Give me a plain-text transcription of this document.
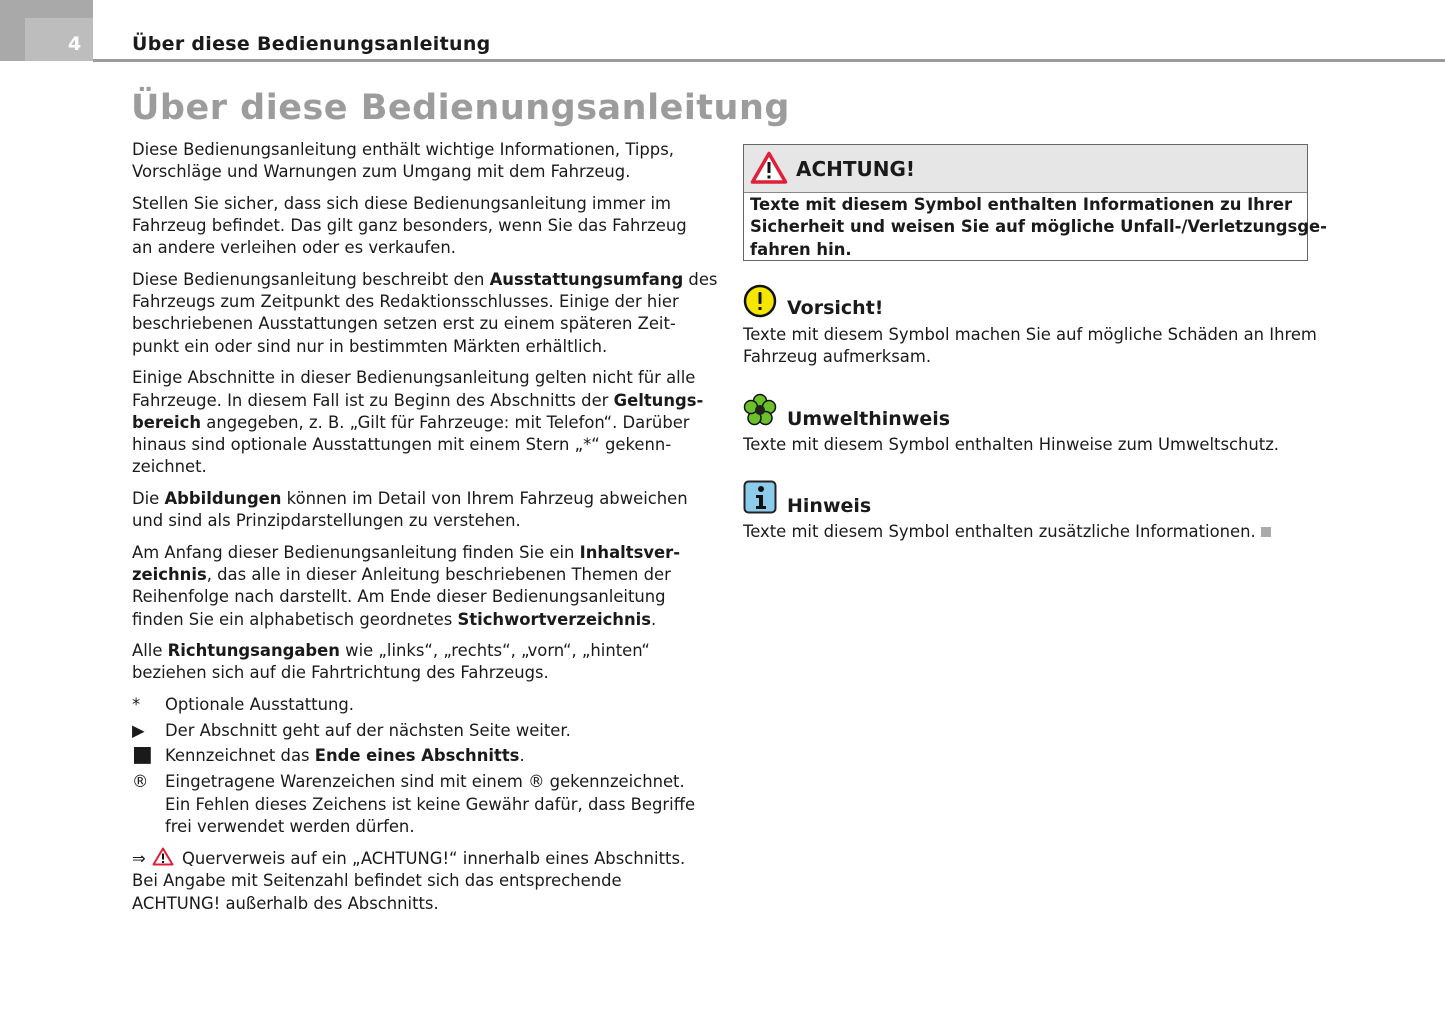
4	Über diese Bedienungsanleitung
Über diese Bedienungsanleitung
Diese Bedienungsanleitung enthält wichtige Informationen, Tipps,
Vorschläge und Warnungen zum Umgang mit dem Fahrzeug.
Stellen Sie sicher, dass sich diese Bedienungsanleitung immer im
Fahrzeug befindet. Das gilt ganz besonders, wenn Sie das Fahrzeug
an andere verleihen oder es verkaufen.
Diese Bedienungsanleitung beschreibt den Ausstattungsumfang des
Fahrzeugs zum Zeitpunkt des Redaktionsschlusses. Einige der hier
beschriebenen Ausstattungen setzen erst zu einem späteren Zeit-
punkt ein oder sind nur in bestimmten Märkten erhältlich.
Einige Abschnitte in dieser Bedienungsanleitung gelten nicht für alle
Fahrzeuge. In diesem Fall ist zu Beginn des Abschnitts der Geltungs-
bereich angegeben, z. B. „Gilt für Fahrzeuge: mit Telefon“. Darüber
hinaus sind optionale Ausstattungen mit einem Stern „*“ gekenn-
zeichnet.
Die Abbildungen können im Detail von Ihrem Fahrzeug abweichen
und sind als Prinzipdarstellungen zu verstehen.
Am Anfang dieser Bedienungsanleitung finden Sie ein Inhaltsver-
zeichnis, das alle in dieser Anleitung beschriebenen Themen der
Reihenfolge nach darstellt. Am Ende dieser Bedienungsanleitung
finden Sie ein alphabetisch geordnetes Stichwortverzeichnis.
Alle Richtungsangaben wie „links“, „rechts“, „vorn“, „hinten“
beziehen sich auf die Fahrtrichtung des Fahrzeugs.
* Optionale Ausstattung.
▶ Der Abschnitt geht auf der nächsten Seite weiter.
■ Kennzeichnet das Ende eines Abschnitts.
® Eingetragene Warenzeichen sind mit einem ® gekennzeichnet.
Ein Fehlen dieses Zeichens ist keine Gewähr dafür, dass Begriffe
frei verwendet werden dürfen.
⇒ Querverweis auf ein „ACHTUNG!“ innerhalb eines Abschnitts.
Bei Angabe mit Seitenzahl befindet sich das entsprechende
ACHTUNG! außerhalb des Abschnitts.
ACHTUNG!
Texte mit diesem Symbol enthalten Informationen zu Ihrer
Sicherheit und weisen Sie auf mögliche Unfall-/Verletzungsge-
fahren hin.
Vorsicht!
Texte mit diesem Symbol machen Sie auf mögliche Schäden an Ihrem
Fahrzeug aufmerksam.
Umwelthinweis
Texte mit diesem Symbol enthalten Hinweise zum Umweltschutz.
Hinweis
Texte mit diesem Symbol enthalten zusätzliche Informationen.
